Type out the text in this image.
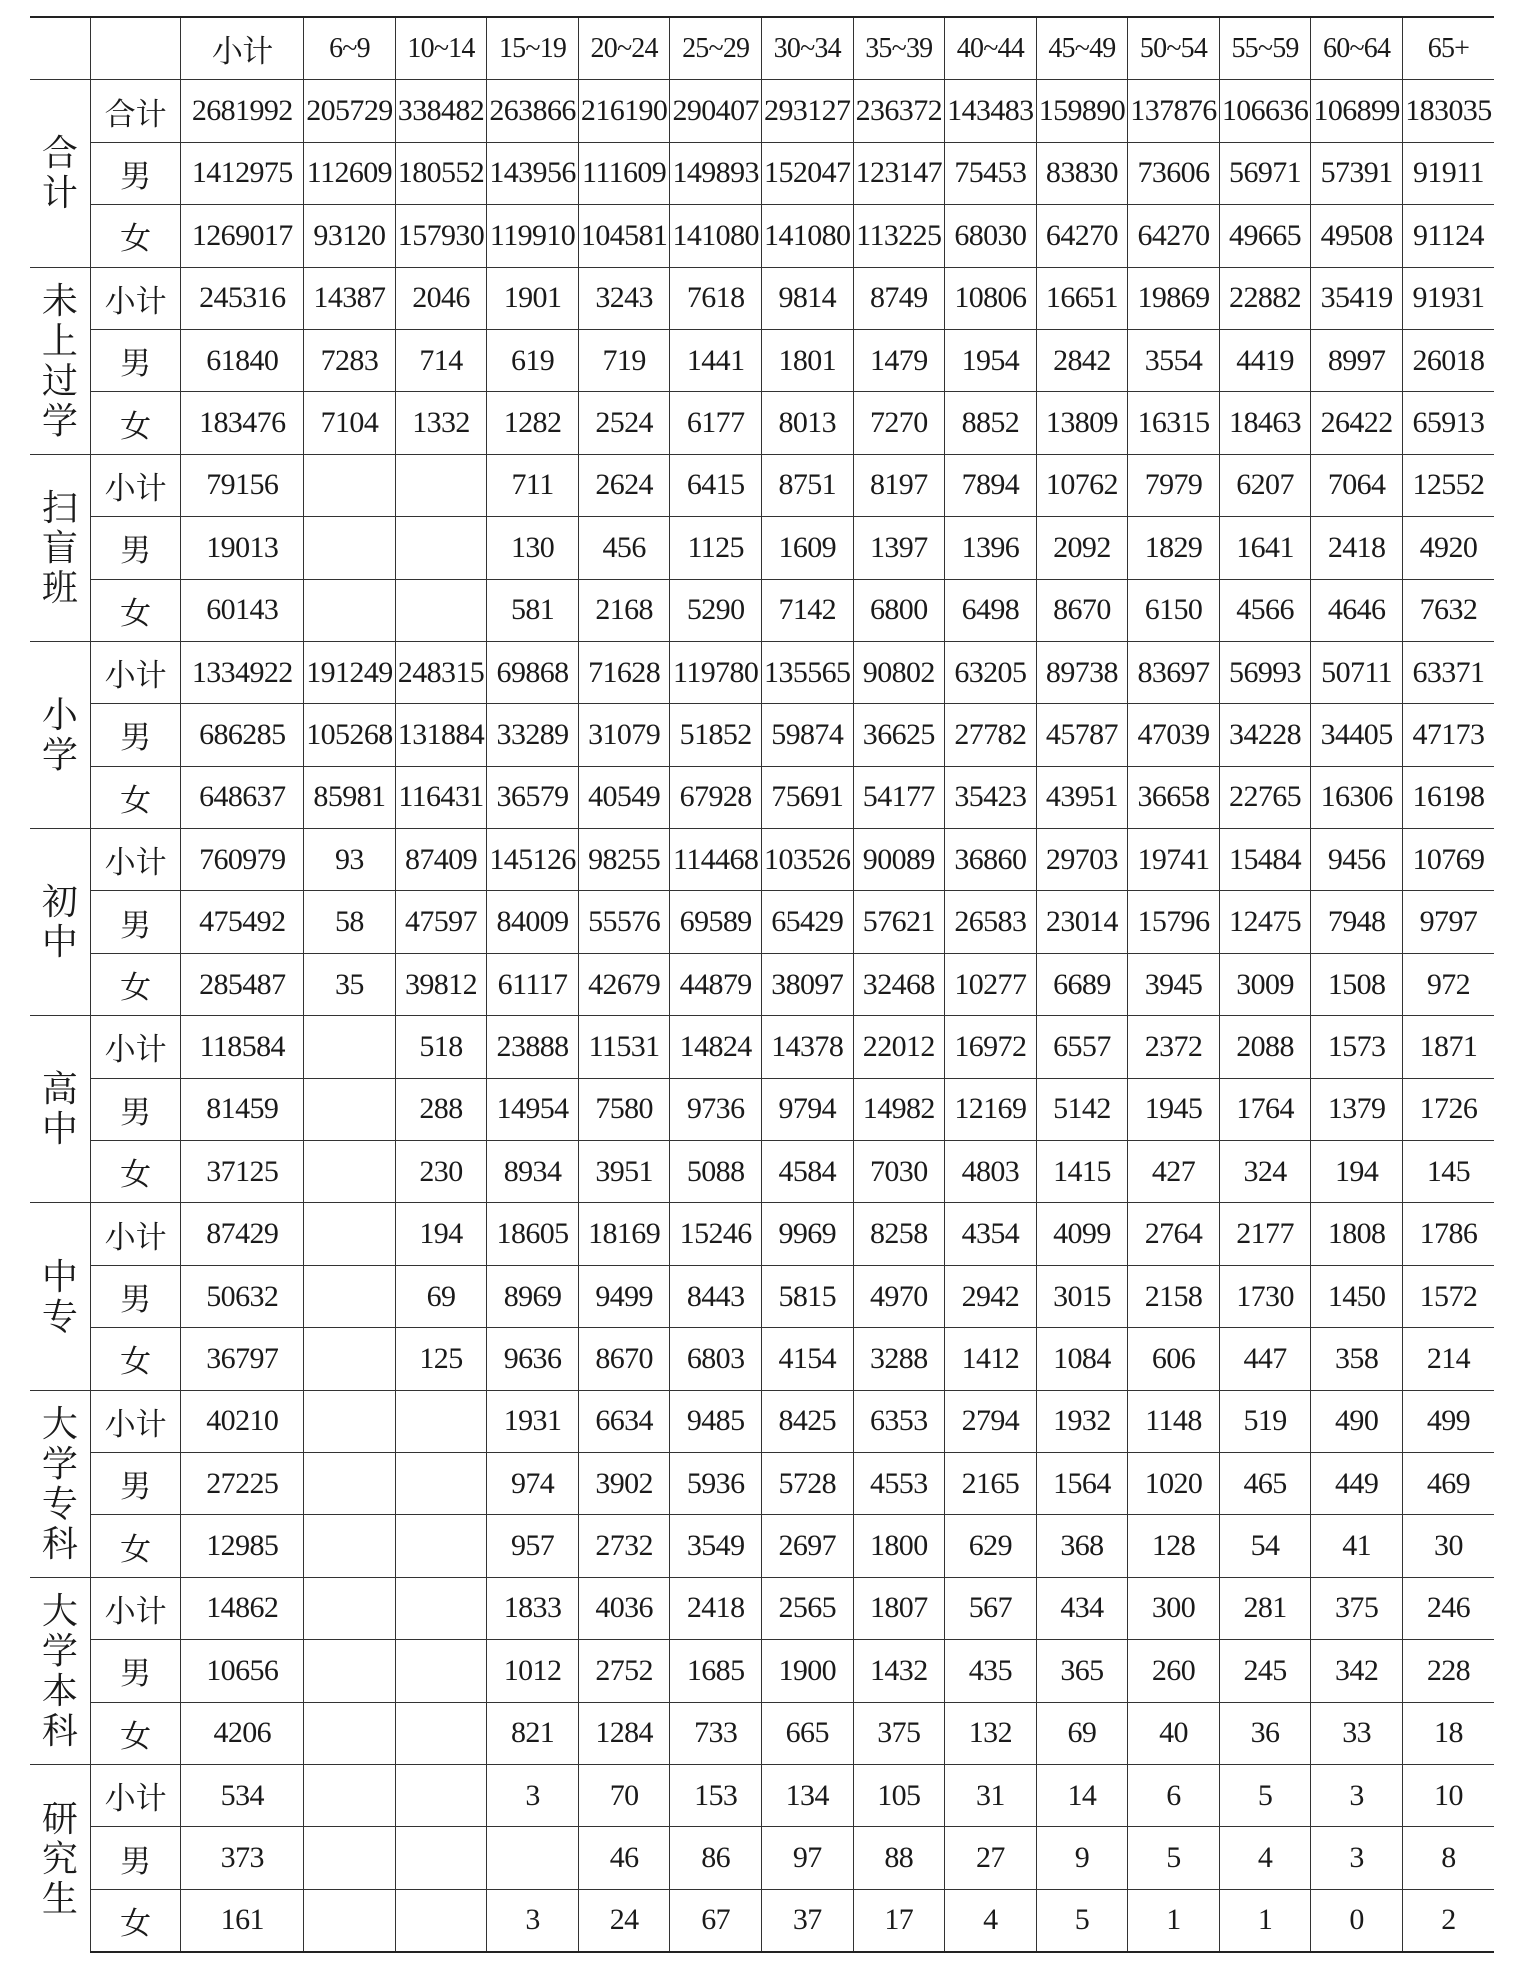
		小计	6~9	10~14	15~19	20~24	25~29	30~34	35~39	40~44	45~49	50~54	55~59	60~64	65+
合计	合计	2681992	205729	338482	263866	216190	290407	293127	236372	143483	159890	137876	106636	106899	183035
	男	1412975	112609	180552	143956	111609	149893	152047	123147	75453	83830	73606	56971	57391	91911
	女	1269017	93120	157930	119910	104581	141080	141080	113225	68030	64270	64270	49665	49508	91124
未上过学	小计	245316	14387	2046	1901	3243	7618	9814	8749	10806	16651	19869	22882	35419	91931
	男	61840	7283	714	619	719	1441	1801	1479	1954	2842	3554	4419	8997	26018
	女	183476	7104	1332	1282	2524	6177	8013	7270	8852	13809	16315	18463	26422	65913
扫盲班	小计	79156			711	2624	6415	8751	8197	7894	10762	7979	6207	7064	12552
	男	19013			130	456	1125	1609	1397	1396	2092	1829	1641	2418	4920
	女	60143			581	2168	5290	7142	6800	6498	8670	6150	4566	4646	7632
小学	小计	1334922	191249	248315	69868	71628	119780	135565	90802	63205	89738	83697	56993	50711	63371
	男	686285	105268	131884	33289	31079	51852	59874	36625	27782	45787	47039	34228	34405	47173
	女	648637	85981	116431	36579	40549	67928	75691	54177	35423	43951	36658	22765	16306	16198
初中	小计	760979	93	87409	145126	98255	114468	103526	90089	36860	29703	19741	15484	9456	10769
	男	475492	58	47597	84009	55576	69589	65429	57621	26583	23014	15796	12475	7948	9797
	女	285487	35	39812	61117	42679	44879	38097	32468	10277	6689	3945	3009	1508	972
高中	小计	118584		518	23888	11531	14824	14378	22012	16972	6557	2372	2088	1573	1871
	男	81459		288	14954	7580	9736	9794	14982	12169	5142	1945	1764	1379	1726
	女	37125		230	8934	3951	5088	4584	7030	4803	1415	427	324	194	145
中专	小计	87429		194	18605	18169	15246	9969	8258	4354	4099	2764	2177	1808	1786
	男	50632		69	8969	9499	8443	5815	4970	2942	3015	2158	1730	1450	1572
	女	36797		125	9636	8670	6803	4154	3288	1412	1084	606	447	358	214
大学专科	小计	40210			1931	6634	9485	8425	6353	2794	1932	1148	519	490	499
	男	27225			974	3902	5936	5728	4553	2165	1564	1020	465	449	469
	女	12985			957	2732	3549	2697	1800	629	368	128	54	41	30
大学本科	小计	14862			1833	4036	2418	2565	1807	567	434	300	281	375	246
	男	10656			1012	2752	1685	1900	1432	435	365	260	245	342	228
	女	4206			821	1284	733	665	375	132	69	40	36	33	18
研究生	小计	534			3	70	153	134	105	31	14	6	5	3	10
	男	373				46	86	97	88	27	9	5	4	3	8
	女	161			3	24	67	37	17	4	5	1	1	0	2
